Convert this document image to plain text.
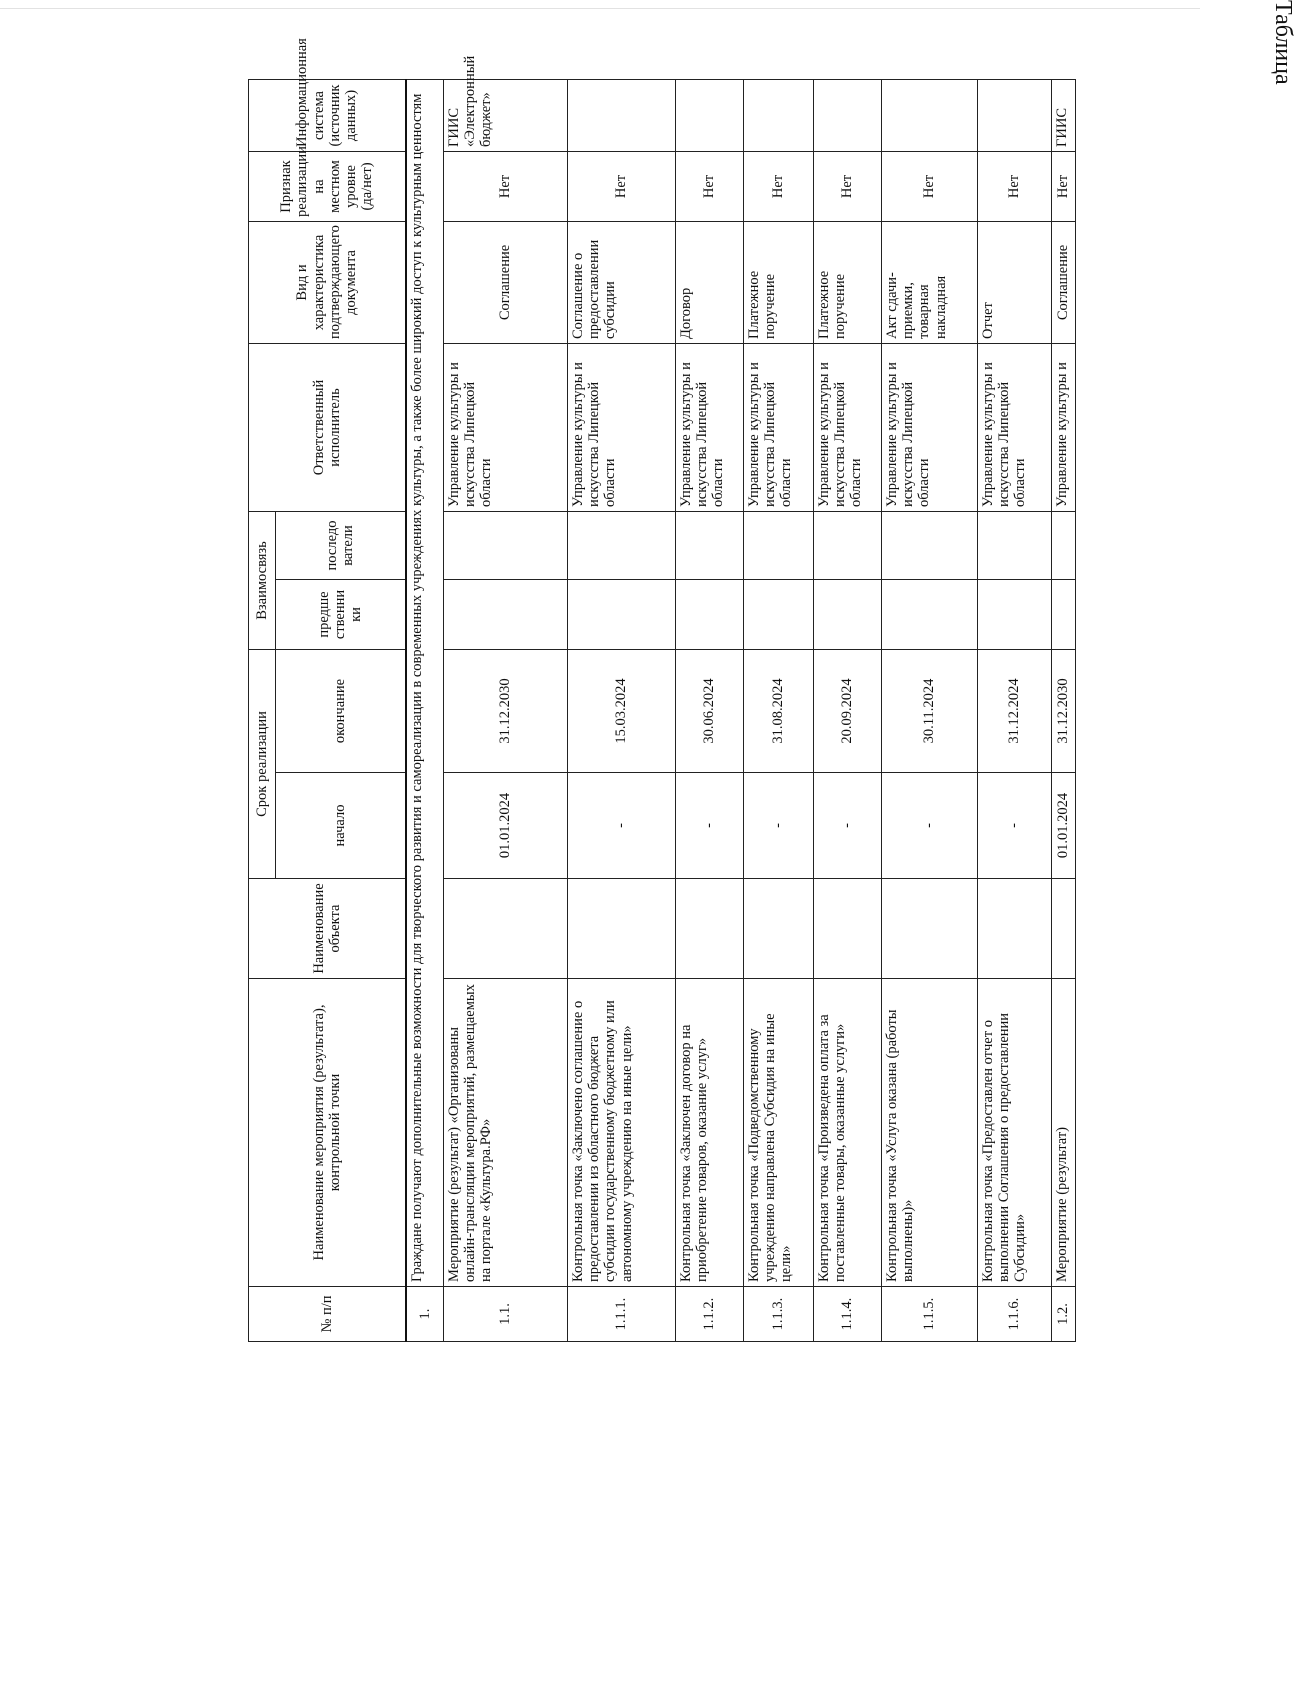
Таблица
№ п/п	Наименование мероприятия (результата), контрольной точки	Наименование объекта	Срок реализации		Взаимосвязь		Ответственный исполнитель	Вид и характеристика подтверждающего документа	Признак реализации на местном уровне (да/нет)	Информационная система (источник данных)
			начало	окончание	предше ственни ки	последо ватели				
1.	Граждане получают дополнительные возможности для творческого развития и самореализации в современных учреждениях культуры, а также более широкий доступ к культурным ценностям									
1.1.	Мероприятие (результат) «Организованы онлайн-трансляции мероприятий, размещаемых на портале «Культура.РФ»		01.01.2024	31.12.2030			Управление культуры и искусства Липецкой области	Соглашение	Нет	ГИИС «Электронный бюджет»
1.1.1.	Контрольная точка «Заключено соглашение о предоставлении из областного бюджета субсидии государственному бюджетному или автономному учреждению на иные цели»		-	15.03.2024			Управление культуры и искусства Липецкой области	Соглашение о предоставлении субсидии	Нет	
1.1.2.	Контрольная точка «Заключен договор на приобретение товаров, оказание услуг»		-	30.06.2024			Управление культуры и искусства Липецкой области	Договор	Нет	
1.1.3.	Контрольная точка «Подведомственному учреждению направлена Субсидия на иные цели»		-	31.08.2024			Управление культуры и искусства Липецкой области	Платежное поручение	Нет	
1.1.4.	Контрольная точка «Произведена оплата за поставленные товары, оказанные услуги»		-	20.09.2024			Управление культуры и искусства Липецкой области	Платежное поручение	Нет	
1.1.5.	Контрольная точка «Услуга оказана (работы выполнены)»		-	30.11.2024			Управление культуры и искусства Липецкой области	Акт сдачи-приемки, товарная накладная	Нет	
1.1.6.	Контрольная точка «Предоставлен отчет о выполнении Соглашения о предоставлении Субсидии»		-	31.12.2024			Управление культуры и искусства Липецкой области	Отчет	Нет	
1.2.	Мероприятие (результат)		01.01.2024	31.12.2030			Управление культуры и	Соглашение	Нет	ГИИС
